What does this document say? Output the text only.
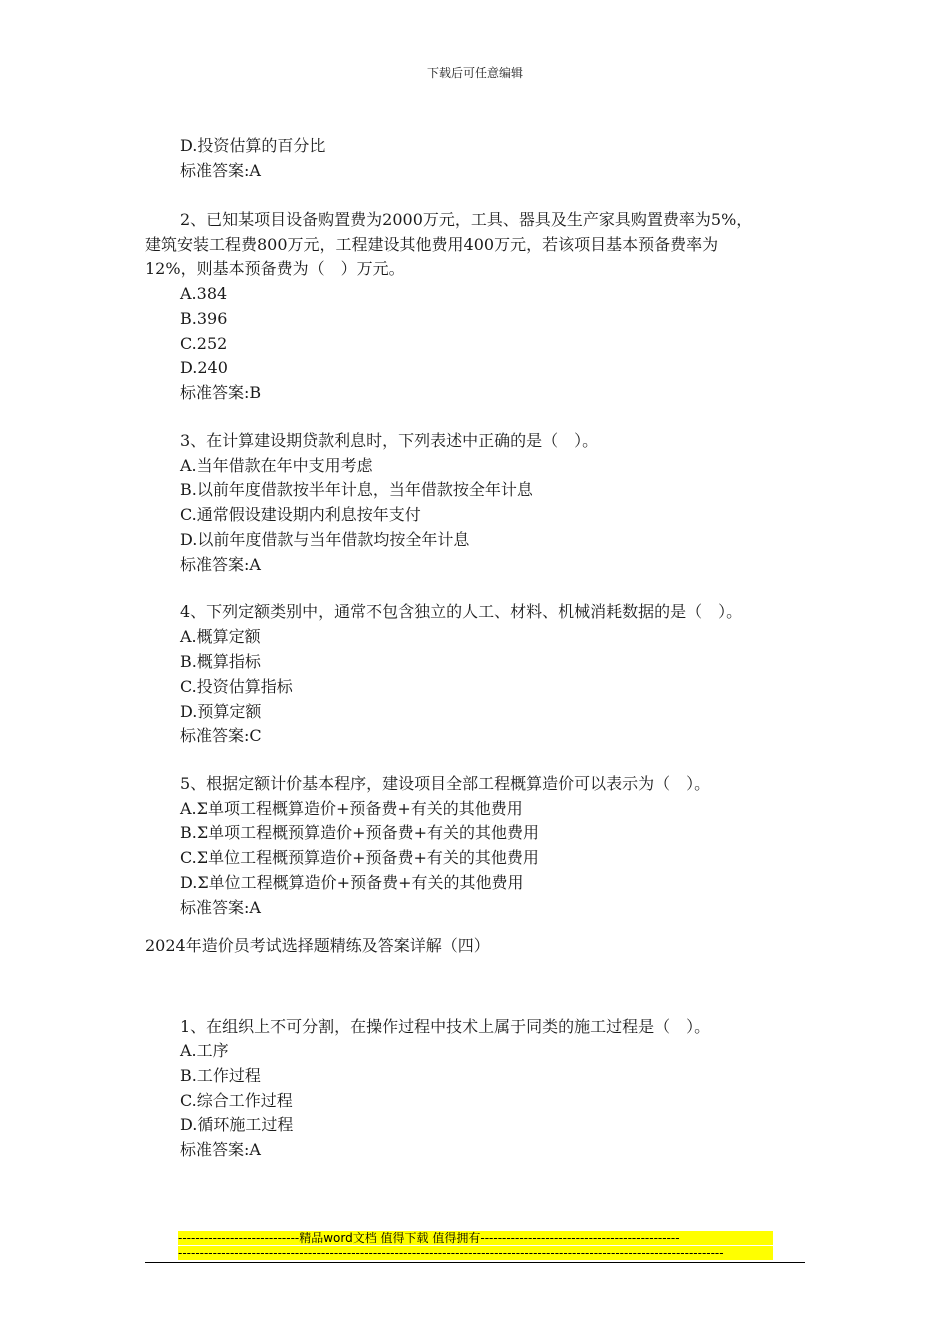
下载后可任意编辑
D.投资估算的百分比
标准答案:A
2、已知某项目设备购置费为2000万元，工具、器具及生产家具购置费率为5%，
建筑安装工程费800万元，工程建设其他费用400万元，若该项目基本预备费率为
12%，则基本预备费为（　）万元。
A.384
B.396
C.252
D.240
标准答案:B
3、在计算建设期贷款利息时，下列表述中正确的是（　）。
A.当年借款在年中支用考虑
B.以前年度借款按半年计息，当年借款按全年计息
C.通常假设建设期内利息按年支付
D.以前年度借款与当年借款均按全年计息
标准答案:A
4、下列定额类别中，通常不包含独立的人工、材料、机械消耗数据的是（　）。
A.概算定额
B.概算指标
C.投资估算指标
D.预算定额
标准答案:C
5、根据定额计价基本程序，建设项目全部工程概算造价可以表示为（　）。
A.Σ单项工程概算造价+预备费+有关的其他费用
B.Σ单项工程概预算造价+预备费+有关的其他费用
C.Σ单位工程概预算造价+预备费+有关的其他费用
D.Σ单位工程概算造价+预备费+有关的其他费用
标准答案:A
2024年造价员考试选择题精练及答案详解（四）
1、在组织上不可分割，在操作过程中技术上属于同类的施工过程是（　）。
A.工序
B.工作过程
C.综合工作过程
D.循环施工过程
标准答案:A
----------------------------精品word文档 值得下载 值得拥有----------------------------------------------
------------------------------------------------------------------------------------------------------------------------------
